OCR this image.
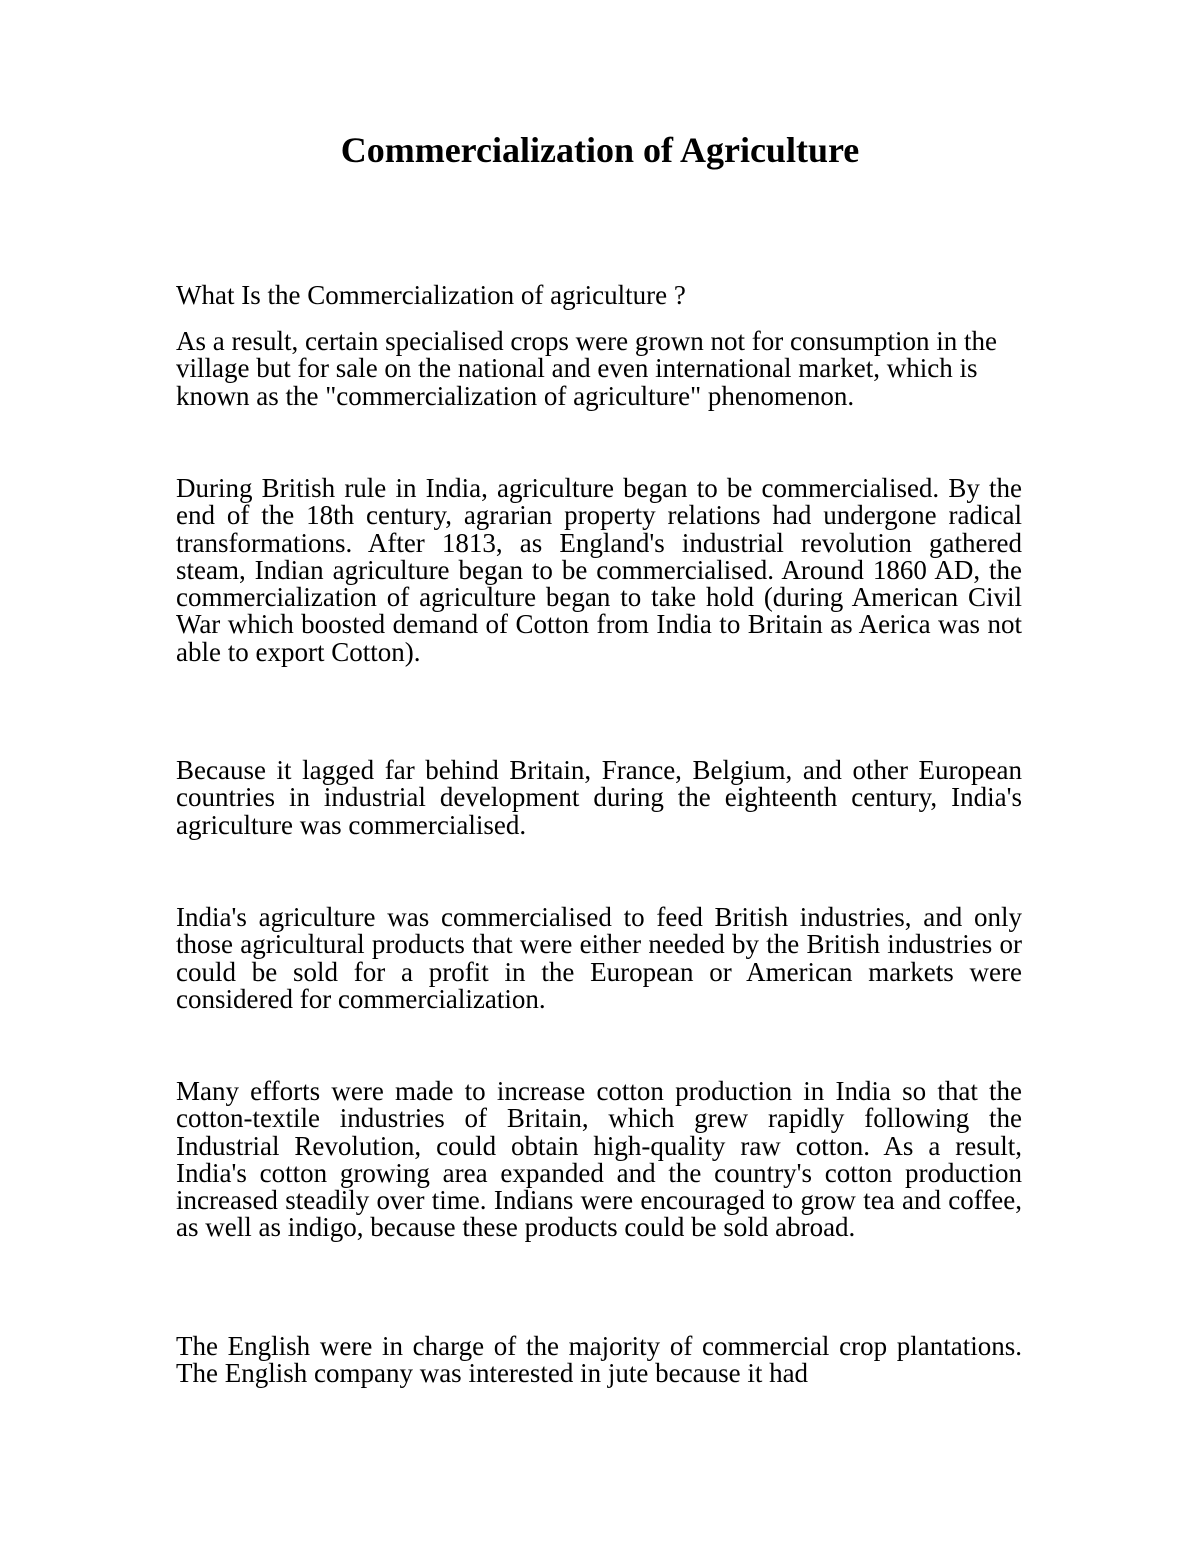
Commercialization of Agriculture

What Is the Commercialization of agriculture ?

As a result, certain specialised crops were grown not for consumption in the village but for sale on the national and even international market, which is known as the "commercialization of agriculture" phenomenon.

During British rule in India, agriculture began to be commercialised. By the end of the 18th century, agrarian property relations had undergone radical transformations. After 1813, as England's industrial revolution gathered steam, Indian agriculture began to be commercialised. Around 1860 AD, the commercialization of agriculture began to take hold (during American Civil War which boosted demand of Cotton from India to Britain as Aerica was not able to export Cotton).

Because it lagged far behind Britain, France, Belgium, and other European countries in industrial development during the eighteenth century, India's agriculture was commercialised.

India's agriculture was commercialised to feed British industries, and only those agricultural products that were either needed by the British industries or could be sold for a profit in the European or American markets were considered for commercialization.

Many efforts were made to increase cotton production in India so that the cotton-textile industries of Britain, which grew rapidly following the Industrial Revolution, could obtain high-quality raw cotton. As a result, India's cotton growing area expanded and the country's cotton production increased steadily over time. Indians were encouraged to grow tea and coffee, as well as indigo, because these products could be sold abroad.

The English were in charge of the majority of commercial crop plantations. The English company was interested in jute because it had
